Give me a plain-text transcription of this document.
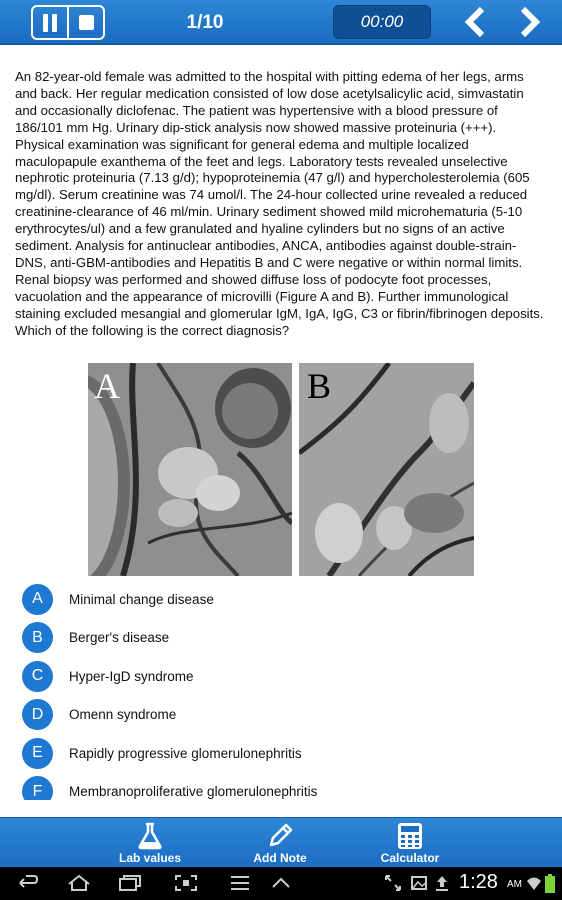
1/10	00:00

An 82-year-old female was admitted to the hospital with pitting edema of her legs, arms and back. Her regular medication consisted of low dose acetylsalicylic acid, simvastatin and occasionally diclofenac. The patient was hypertensive with a blood pressure of 186/101 mm Hg. Urinary dip-stick analysis now showed massive proteinuria (+++). Physical examination was significant for general edema and multiple localized maculopapule exanthema of the feet and legs. Laboratory tests revealed unselective nephrotic proteinuria (7.13 g/d); hypoproteinemia (47 g/l) and hypercholesterolemia (605 mg/dl). Serum creatinine was 74 umol/l. The 24-hour collected urine revealed a reduced creatinine-clearance of 46 ml/min. Urinary sediment showed mild microhematuria (5-10 erythrocytes/ul) and a few granulated and hyaline cylinders but no signs of an active sediment. Analysis for antinuclear antibodies, ANCA, antibodies against double-strain-DNS, anti-GBM-antibodies and Hepatitis B and C were negative or within normal limits. Renal biopsy was performed and showed diffuse loss of podocyte foot processes, vacuolation and the appearance of microvilli (Figure A and B). Further immunological staining excluded mesangial and glomerular IgM, IgA, IgG, C3 or fibrin/fibrinogen deposits. Which of the following is the correct diagnosis?

A	B
A	Minimal change disease
B	Berger's disease
C	Hyper-IgD syndrome
D	Omenn syndrome
E	Rapidly progressive glomerulonephritis
F	Membranoproliferative glomerulonephritis
Lab values	Add Note	Calculator
1:28 AM
